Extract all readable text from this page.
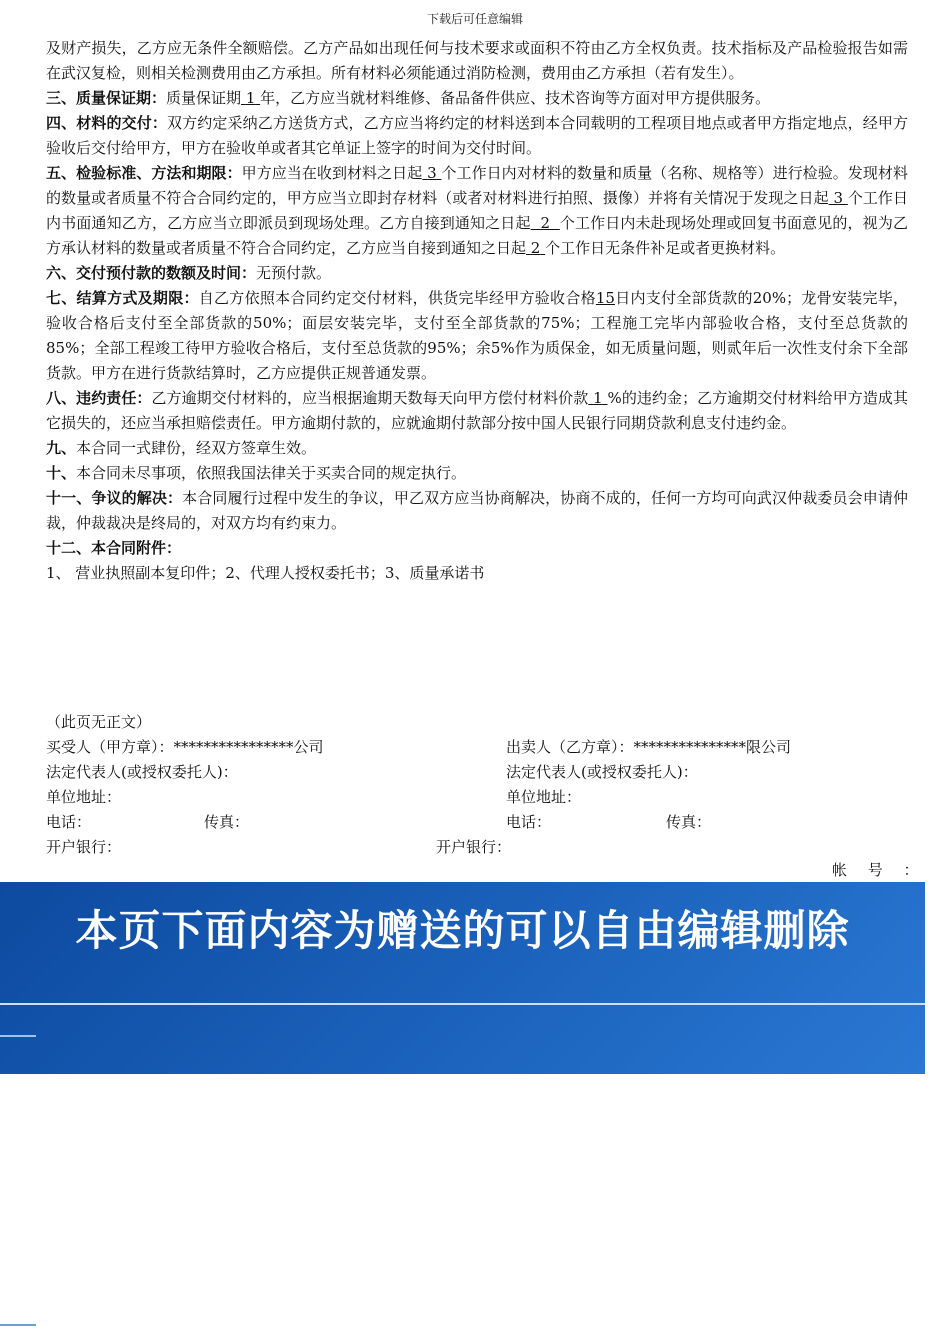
下载后可任意编辑

及财产损失，乙方应无条件全额赔偿。乙方产品如出现任何与技术要求或面积不符由乙方全权负责。技术指标及产品检验报告如需在武汉复检，则相关检测费用由乙方承担。所有材料必须能通过消防检测，费用由乙方承担（若有发生）。

三、质量保证期：质量保证期 1 年，乙方应当就材料维修、备品备件供应、技术咨询等方面对甲方提供服务。

四、材料的交付：双方约定采纳乙方送货方式，乙方应当将约定的材料送到本合同载明的工程项目地点或者甲方指定地点，经甲方验收后交付给甲方，甲方在验收单或者其它单证上签字的时间为交付时间。

五、检验标准、方法和期限：甲方应当在收到材料之日起 3 个工作日内对材料的数量和质量（名称、规格等）进行检验。发现材料的数量或者质量不符合合同约定的，甲方应当立即封存材料（或者对材料进行拍照、摄像）并将有关情况于发现之日起 3 个工作日内书面通知乙方，乙方应当立即派员到现场处理。乙方自接到通知之日起 2 个工作日内未赴现场处理或回复书面意见的，视为乙方承认材料的数量或者质量不符合合同约定，乙方应当自接到通知之日起 2 个工作日无条件补足或者更换材料。

六、交付预付款的数额及时间：无预付款。

七、结算方式及期限：自乙方依照本合同约定交付材料，供货完毕经甲方验收合格15日内支付全部货款的20%；龙骨安装完毕，验收合格后支付至全部货款的50%；面层安装完毕，支付至全部货款的75%；工程施工完毕内部验收合格，支付至总货款的85%；全部工程竣工待甲方验收合格后，支付至总货款的95%；余5%作为质保金，如无质量问题，则贰年后一次性支付余下全部货款。甲方在进行货款结算时，乙方应提供正规普通发票。

八、违约责任：乙方逾期交付材料的，应当根据逾期天数每天向甲方偿付材料价款 1 %的违约金；乙方逾期交付材料给甲方造成其它损失的，还应当承担赔偿责任。甲方逾期付款的，应就逾期付款部分按中国人民银行同期贷款利息支付违约金。

九、本合同一式肆份，经双方签章生效。

十、本合同未尽事项，依照我国法律关于买卖合同的规定执行。

十一、争议的解决：本合同履行过程中发生的争议，甲乙双方应当协商解决，协商不成的，任何一方均可向武汉仲裁委员会申请仲裁，仲裁裁决是终局的，对双方均有约束力。

十二、本合同附件：

1、 营业执照副本复印件；2、代理人授权委托书；3、质量承诺书

（此页无正文）
买受人（甲方章）：****************公司	出卖人（乙方章）：***************限公司
法定代表人(或授权委托人)：	法定代表人(或授权委托人)：
单位地址：	单位地址：
电话：	传真：	电话：	传真：
开户银行：	开户银行：
帐 号 ：
本页下面内容为赠送的可以自由编辑删除
